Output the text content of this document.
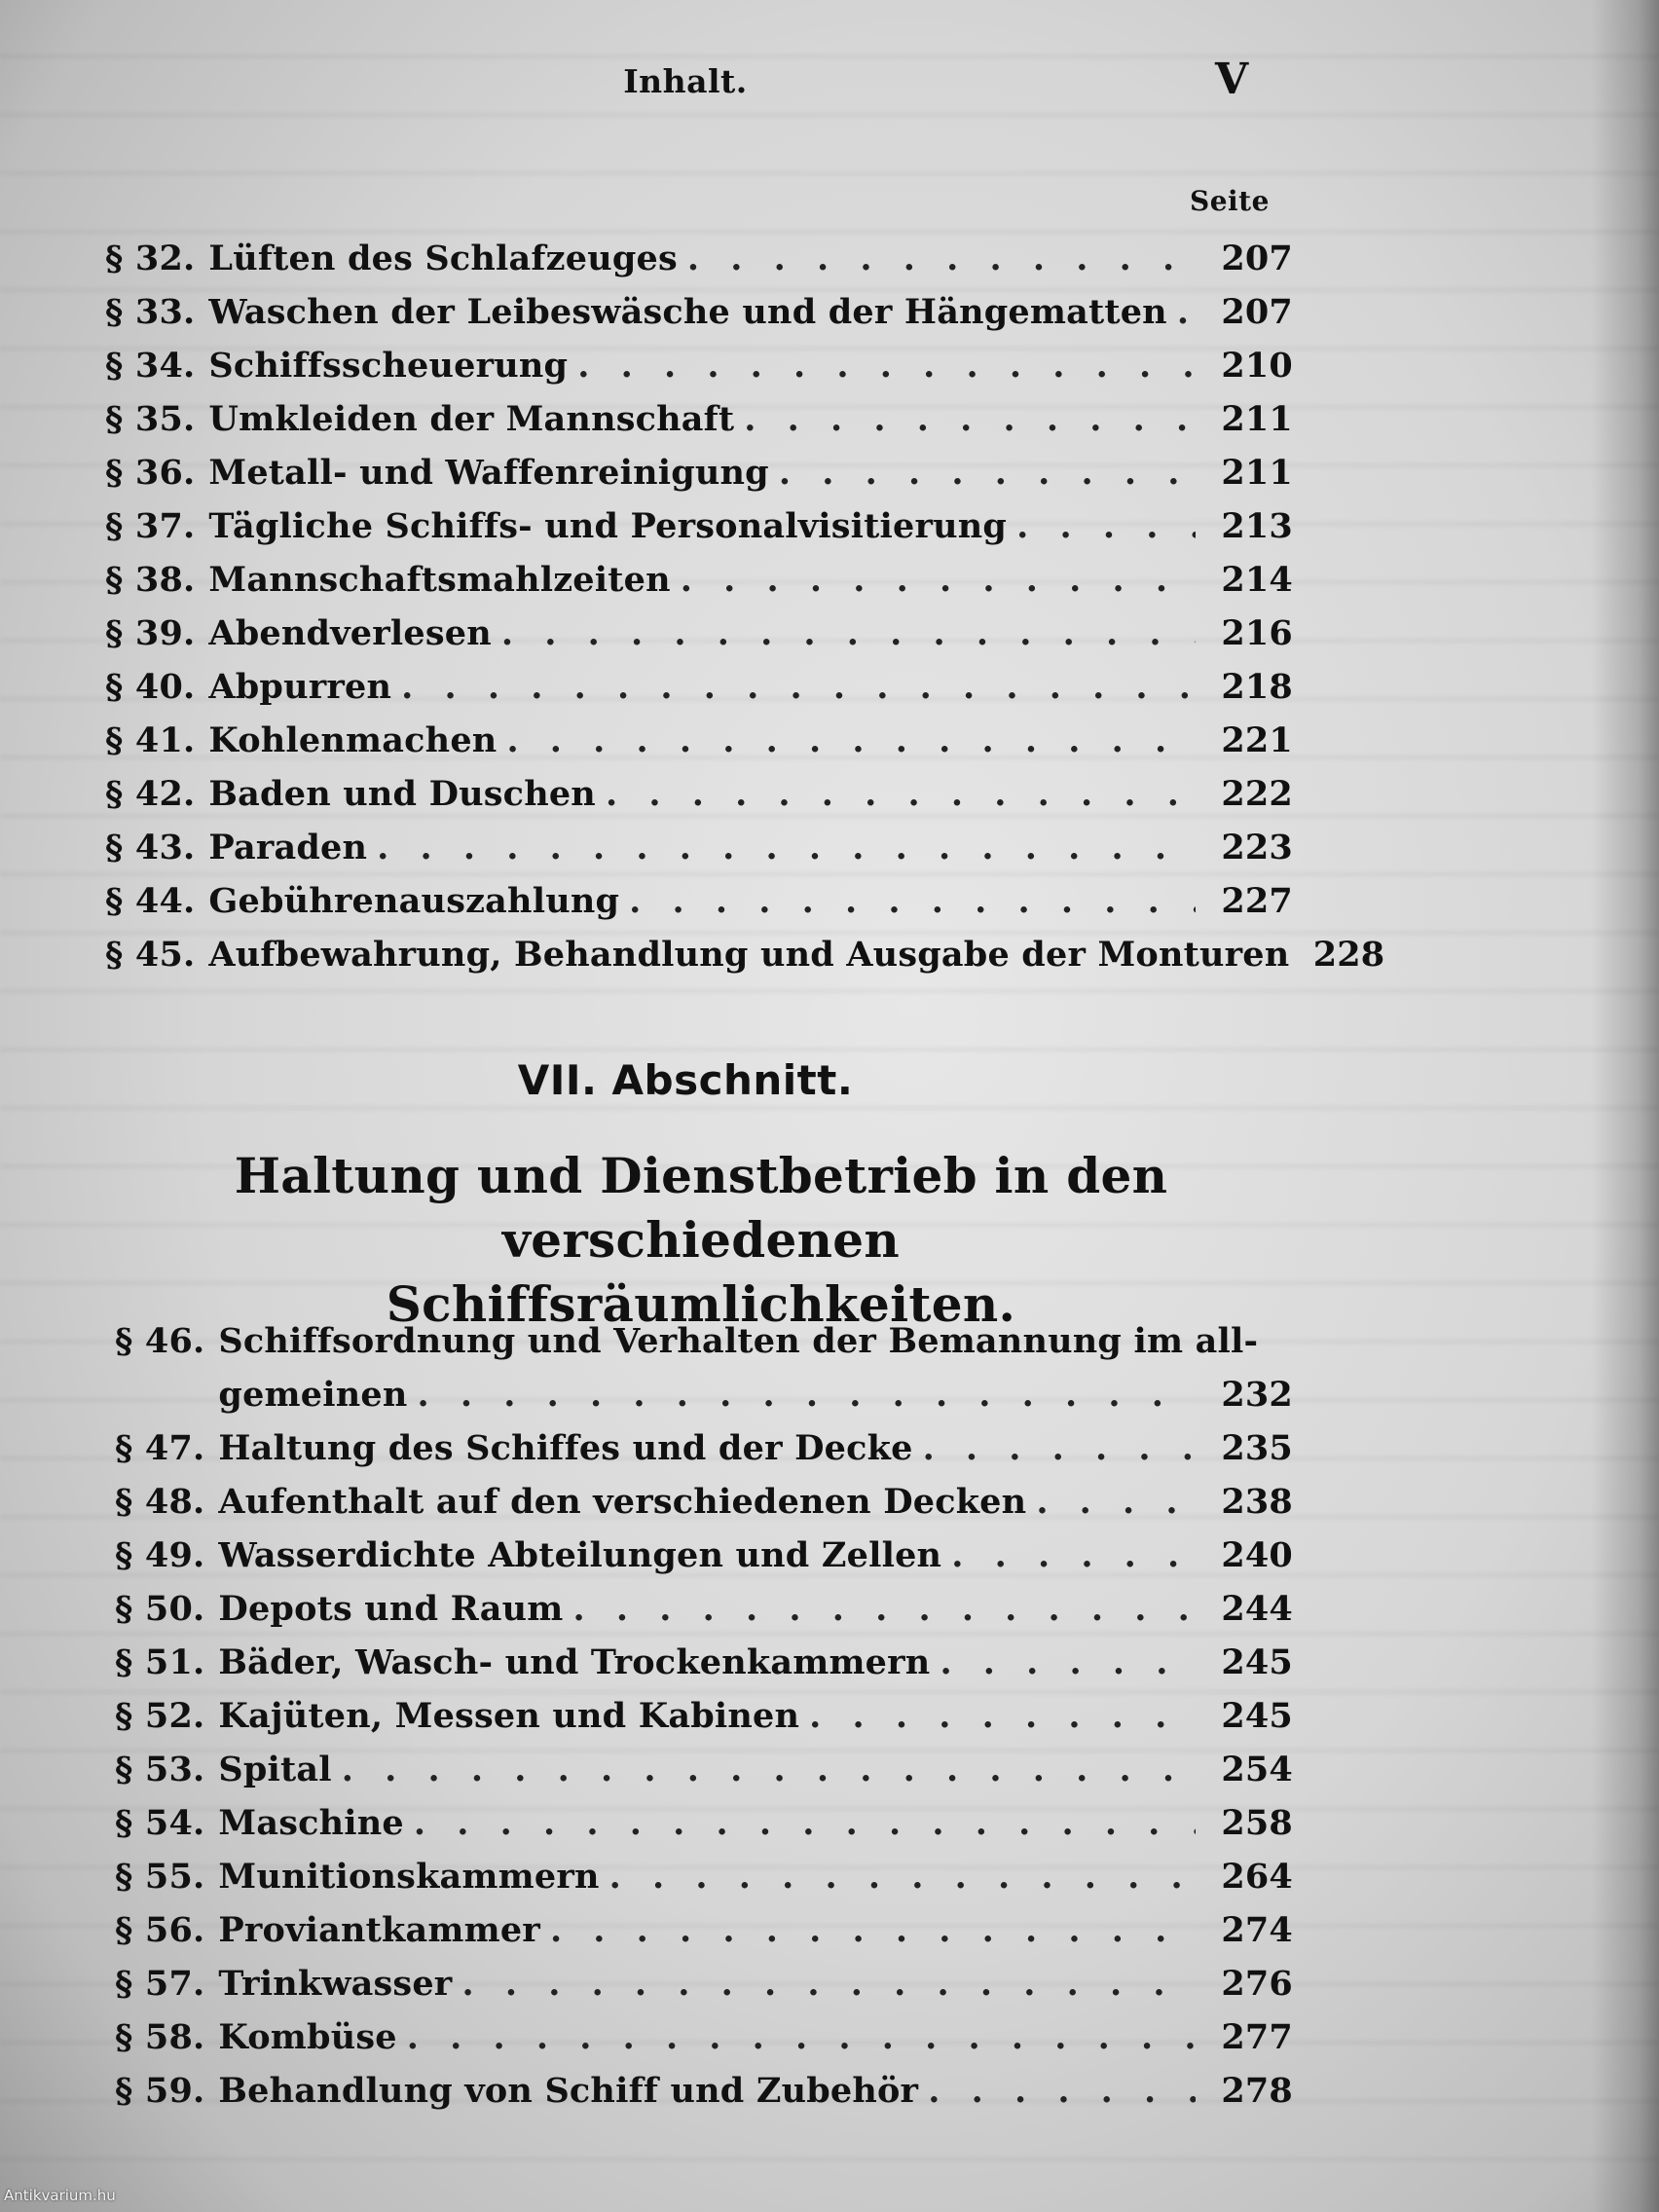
Inhalt.	V
Seite
§ 32. Lüften des Schlafzeuges . . .	207
§ 33. Waschen der Leibeswäsche und der Hängematten . . .	207
§ 34. Schiffsscheuerung . . .	210
§ 35. Umkleiden der Mannschaft . . .	211
§ 36. Metall- und Waffenreinigung . . .	211
§ 37. Tägliche Schiffs- und Personalvisitierung . . .	213
§ 38. Mannschaftsmahlzeiten . . .	214
§ 39. Abendverlesen . . .	216
§ 40. Abpurren . . .	218
§ 41. Kohlenmachen . . .	221
§ 42. Baden und Duschen . . .	222
§ 43. Paraden . . .	223
§ 44. Gebührenauszahlung . . .	227
§ 45. Aufbewahrung, Behandlung und Ausgabe der Monturen 228
VII. Abschnitt.
Haltung und Dienstbetrieb in den verschiedenen
Schiffsräumlichkeiten.
§ 46. Schiffsordnung und Verhalten der Bemannung im all-
gemeinen . . .	232
§ 47. Haltung des Schiffes und der Decke . . .	235
§ 48. Aufenthalt auf den verschiedenen Decken . . .	238
§ 49. Wasserdichte Abteilungen und Zellen . . .	240
§ 50. Depots und Raum . . .	244
§ 51. Bäder, Wasch- und Trockenkammern . . .	245
§ 52. Kajüten, Messen und Kabinen . . .	245
§ 53. Spital . . .	254
§ 54. Maschine . . .	258
§ 55. Munitionskammern . . .	264
§ 56. Proviantkammer . . .	274
§ 57. Trinkwasser . . .	276
§ 58. Kombüse . . .	277
§ 59. Behandlung von Schiff und Zubehör . . .	278
Antikvarium.hu
